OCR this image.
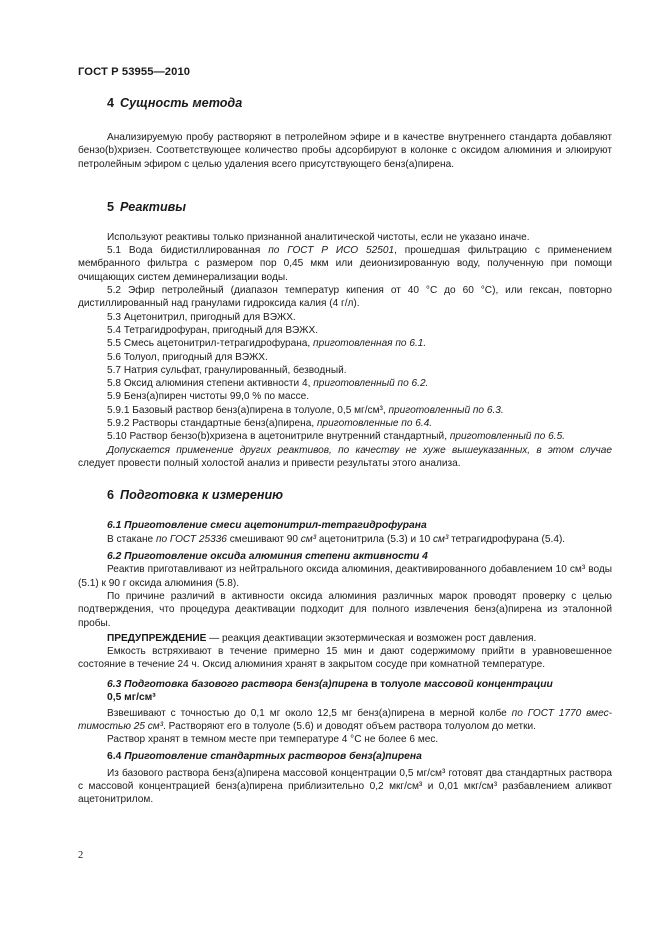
ГОСТ Р 53955—2010
4 Сущность метода

Анализируемую пробу растворяют в петролейном эфире и в качестве внутреннего стандарта добавляют бензо(b)хризен. Соответствующее количество пробы адсорбируют в колонке с оксидом алюминия и элюируют петролейным эфиром с целью удаления всего присутствующего бенз(а)пирена.

5 Реактивы

Используют реактивы только признанной аналитической чистоты, если не указано иначе.

5.1 Вода бидистиллированная по ГОСТ Р ИСО 52501, прошедшая фильтрацию с применением мембранного фильтра с размером пор 0,45 мкм или деионизированную воду, полученную при помощи очищающих систем деминерализации воды.

5.2 Эфир петролейный (диапазон температур кипения от 40 °С до 60 °С), или гексан, повторно дистиллированный над гранулами гидроксида калия (4 г/л).

5.3 Ацетонитрил, пригодный для ВЭЖХ.

5.4 Тетрагидрофуран, пригодный для ВЭЖХ.

5.5 Смесь ацетонитрил-тетрагидрофурана, приготовленная по 6.1.

5.6 Толуол, пригодный для ВЭЖХ.

5.7 Натрия сульфат, гранулированный, безводный.

5.8 Оксид алюминия степени активности 4, приготовленный по 6.2.

5.9 Бенз(а)пирен чистоты 99,0 % по массе.

5.9.1 Базовый раствор бенз(а)пирена в толуоле, 0,5 мг/см³, приготовленный по 6.3.

5.9.2 Растворы стандартные бенз(а)пирена, приготовленные по 6.4.

5.10 Раствор бензо(b)хризена в ацетонитриле внутренний стандартный, приготовленный по 6.5.

Допускается применение других реактивов, по качеству не хуже вышеуказанных, в этом случае следует провести полный холостой анализ и привести результаты этого анализа.

6 Подготовка к измерению

6.1 Приготовление смеси ацетонитрил-тетрагидрофурана

В стакане по ГОСТ 25336 смешивают 90 см³ ацетонитрила (5.3) и 10 см³ тетрагидрофурана (5.4).

6.2 Приготовление оксида алюминия степени активности 4

Реактив приготавливают из нейтрального оксида алюминия, деактивированного добавлением 10 см³ воды (5.1) к 90 г оксида алюминия (5.8).

По причине различий в активности оксида алюминия различных марок проводят проверку с целью подтверждения, что процедура деактивации подходит для полного извлечения бенз(а)пирена из эталонной пробы.

ПРЕДУПРЕЖДЕНИЕ — реакция деактивации экзотермическая и возможен рост давления.

Емкость встряхивают в течение примерно 15 мин и дают содержимому прийти в уравновешенное состояние в течение 24 ч. Оксид алюминия хранят в закрытом сосуде при комнатной температуре.

6.3 Подготовка базового раствора бенз(а)пирена в толуоле массовой концентрации

0,5 мг/см³

Взвешивают с точностью до 0,1 мг около 12,5 мг бенз(а)пирена в мерной колбе по ГОСТ 1770 вместимостью 25 см³. Растворяют его в толуоле (5.6) и доводят объем раствора толуолом до метки.

Раствор хранят в темном месте при температуре 4 °С не более 6 мес.

6.4 Приготовление стандартных растворов бенз(а)пирена

Из базового раствора бенз(а)пирена массовой концентрации 0,5 мг/см³ готовят два стандартных раствора с массовой концентрацией бенз(а)пирена приблизительно 0,2 мкг/см³ и 0,01 мкг/см³ разбавлением аликвот ацетонитрилом.

2
